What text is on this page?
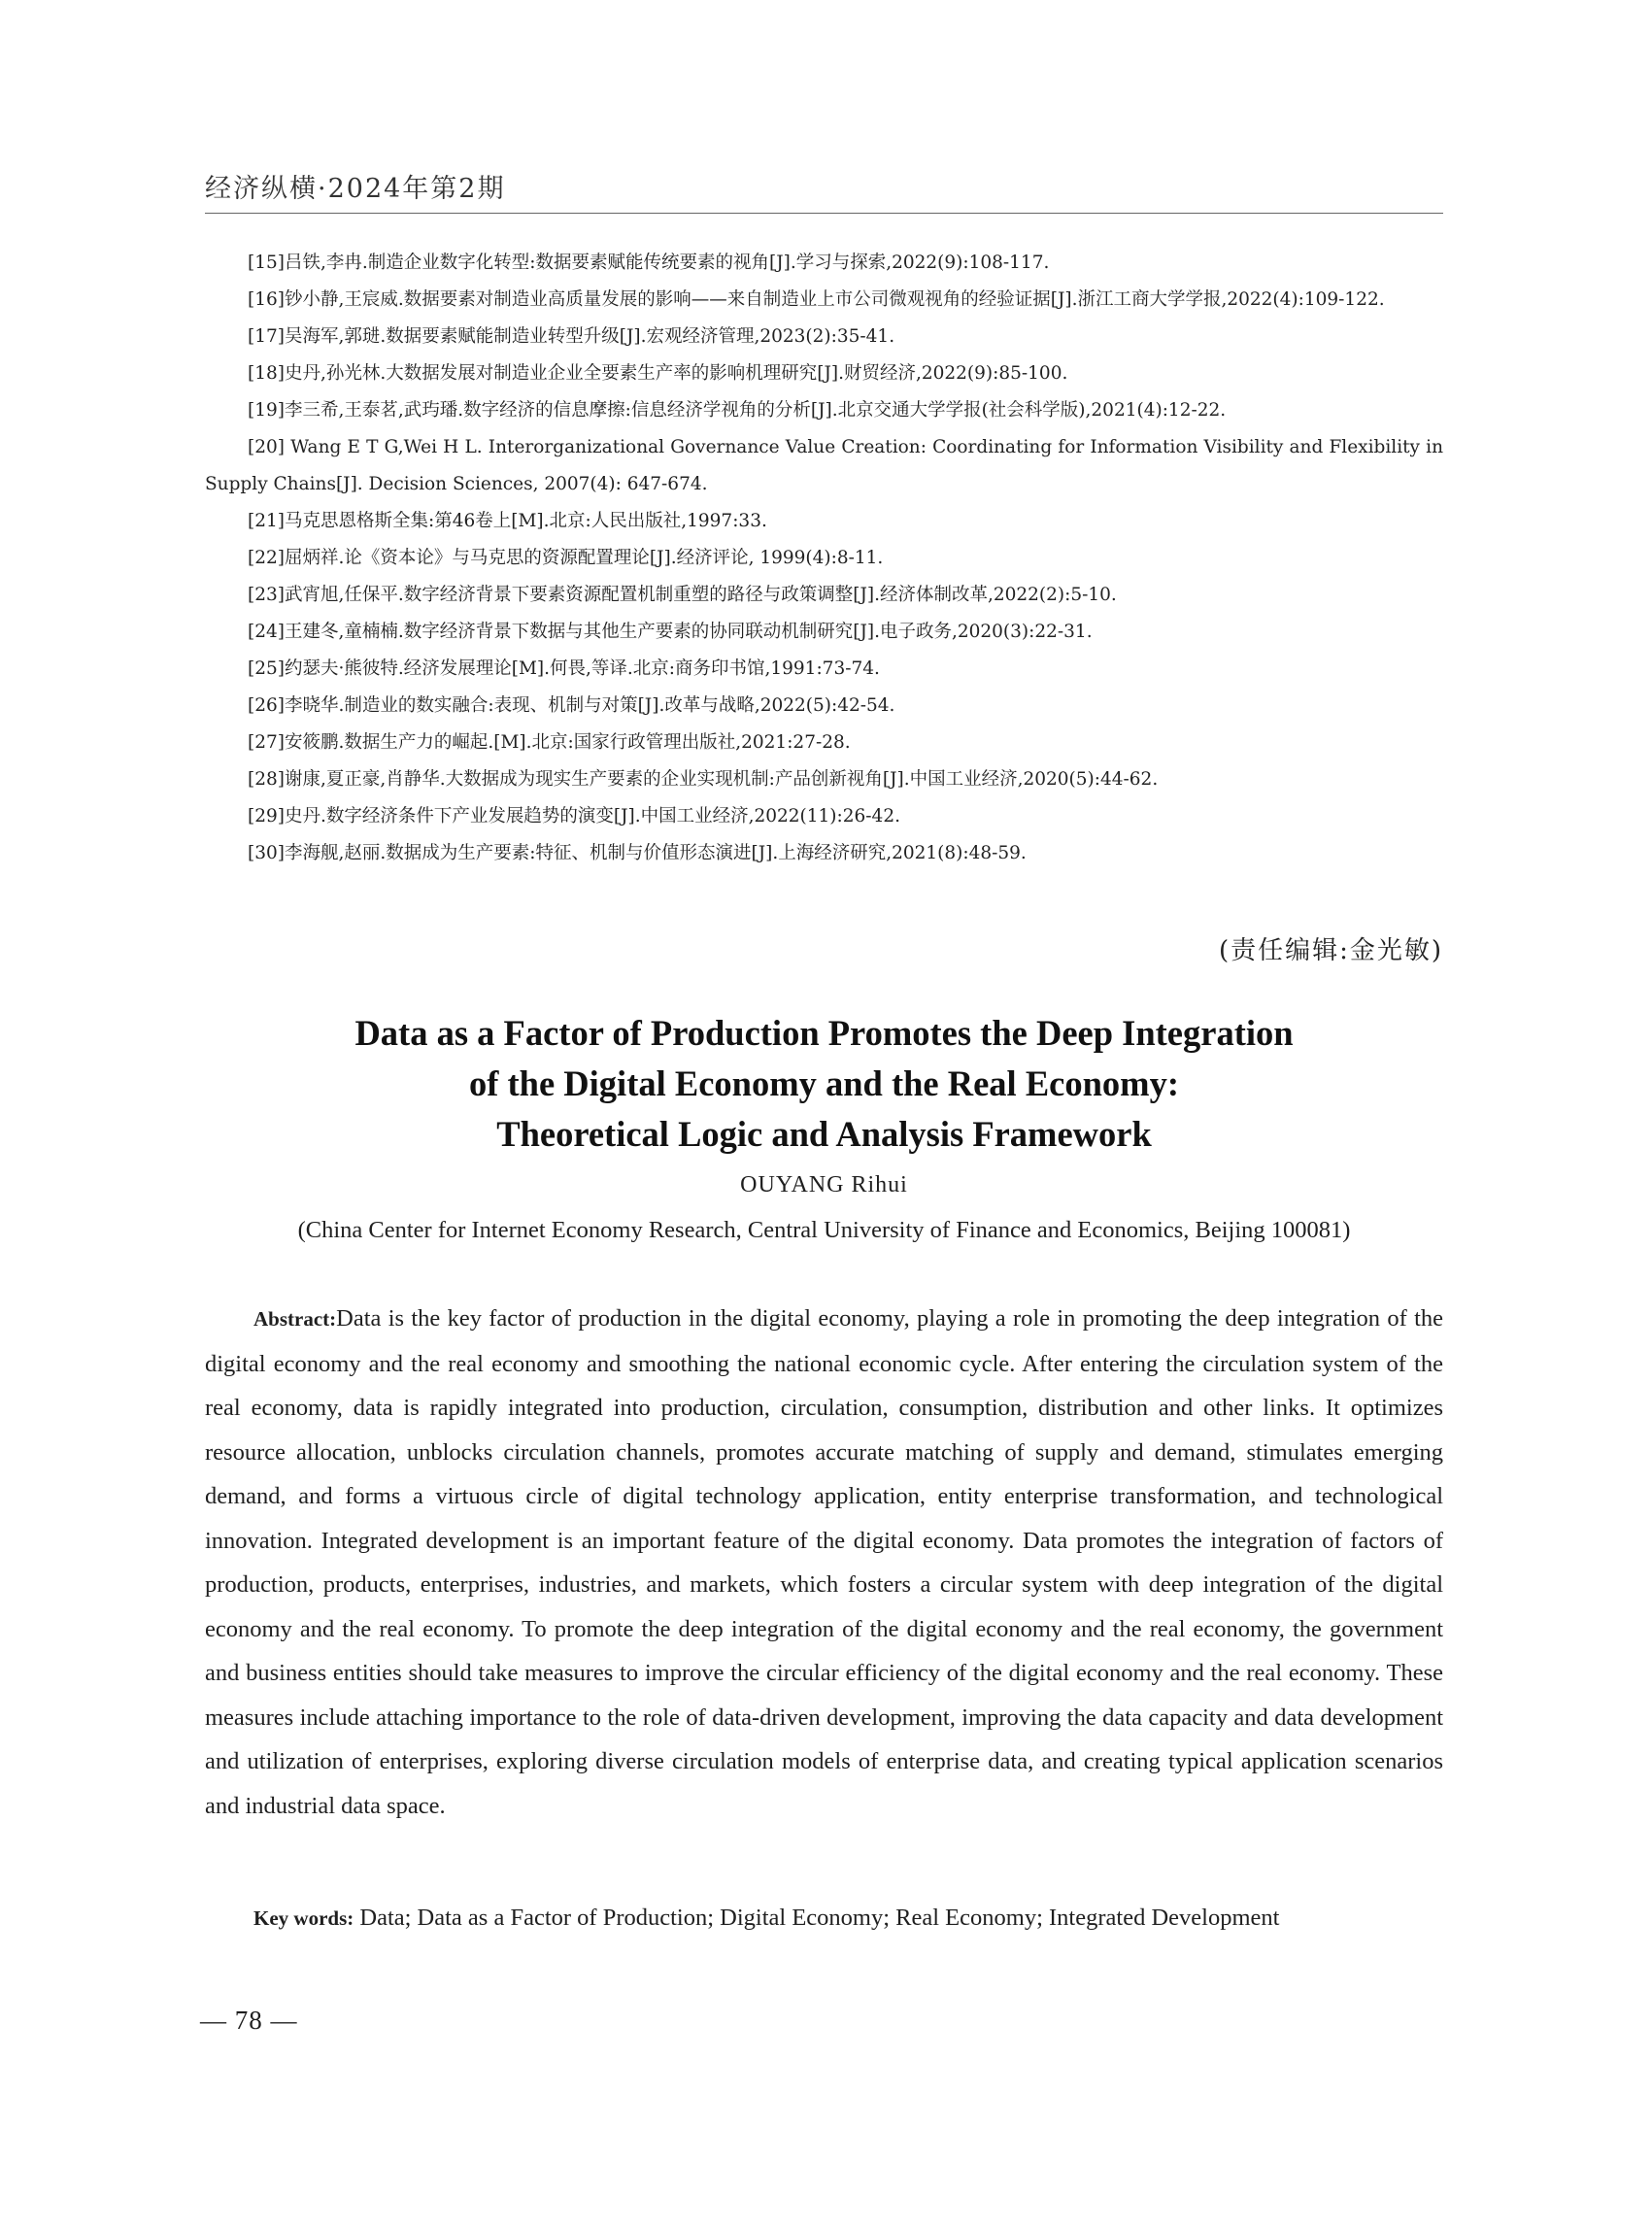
经济纵横·2024年第2期

[15]吕铁,李冉.制造企业数字化转型:数据要素赋能传统要素的视角[J].学习与探索,2022(9):108-117.

[16]钞小静,王宸威.数据要素对制造业高质量发展的影响——来自制造业上市公司微观视角的经验证据[J].浙江工商大学学报,2022(4):109-122.

[17]吴海军,郭琎.数据要素赋能制造业转型升级[J].宏观经济管理,2023(2):35-41.

[18]史丹,孙光林.大数据发展对制造业企业全要素生产率的影响机理研究[J].财贸经济,2022(9):85-100.

[19]李三希,王泰茗,武玙璠.数字经济的信息摩擦:信息经济学视角的分析[J].北京交通大学学报(社会科学版),2021(4):12-22.

[20] Wang E T G,Wei H L. Interorganizational Governance Value Creation: Coordinating for Information Visibility and Flexibility in Supply Chains[J]. Decision Sciences, 2007(4): 647-674.

[21]马克思恩格斯全集:第46卷上[M].北京:人民出版社,1997:33.

[22]屈炳祥.论《资本论》与马克思的资源配置理论[J].经济评论, 1999(4):8-11.

[23]武宵旭,任保平.数字经济背景下要素资源配置机制重塑的路径与政策调整[J].经济体制改革,2022(2):5-10.

[24]王建冬,童楠楠.数字经济背景下数据与其他生产要素的协同联动机制研究[J].电子政务,2020(3):22-31.

[25]约瑟夫·熊彼特.经济发展理论[M].何畏,等译.北京:商务印书馆,1991:73-74.

[26]李晓华.制造业的数实融合:表现、机制与对策[J].改革与战略,2022(5):42-54.

[27]安筱鹏.数据生产力的崛起.[M].北京:国家行政管理出版社,2021:27-28.

[28]谢康,夏正豪,肖静华.大数据成为现实生产要素的企业实现机制:产品创新视角[J].中国工业经济,2020(5):44-62.

[29]史丹.数字经济条件下产业发展趋势的演变[J].中国工业经济,2022(11):26-42.

[30]李海舰,赵丽.数据成为生产要素:特征、机制与价值形态演进[J].上海经济研究,2021(8):48-59.

(责任编辑:金光敏)
Data as a Factor of Production Promotes the Deep Integration
of the Digital Economy and the Real Economy:
Theoretical Logic and Analysis Framework
OUYANG Rihui
(China Center for Internet Economy Research, Central University of Finance and Economics, Beijing 100081)

Abstract:Data is the key factor of production in the digital economy, playing a role in promoting the deep integration of the digital economy and the real economy and smoothing the national economic cycle. After entering the circulation system of the real economy, data is rapidly integrated into production, circulation, consumption, distribution and other links. It optimizes resource allocation, unblocks circulation channels, promotes accurate matching of supply and demand, stimulates emerging demand, and forms a virtuous circle of digital technology application, entity enterprise transformation, and technological innovation. Integrated development is an important feature of the digital economy. Data promotes the integration of factors of production, products, enterprises, industries, and markets, which fosters a circular system with deep integration of the digital economy and the real economy. To promote the deep integration of the digital economy and the real economy, the government and business entities should take measures to improve the circular efficiency of the digital economy and the real economy. These measures include attaching importance to the role of data-driven development, improving the data capacity and data development and utilization of enterprises, exploring diverse circulation models of enterprise data, and creating typical application scenarios and industrial data space.

Key words: Data; Data as a Factor of Production; Digital Economy; Real Economy; Integrated Development

— 78 —
